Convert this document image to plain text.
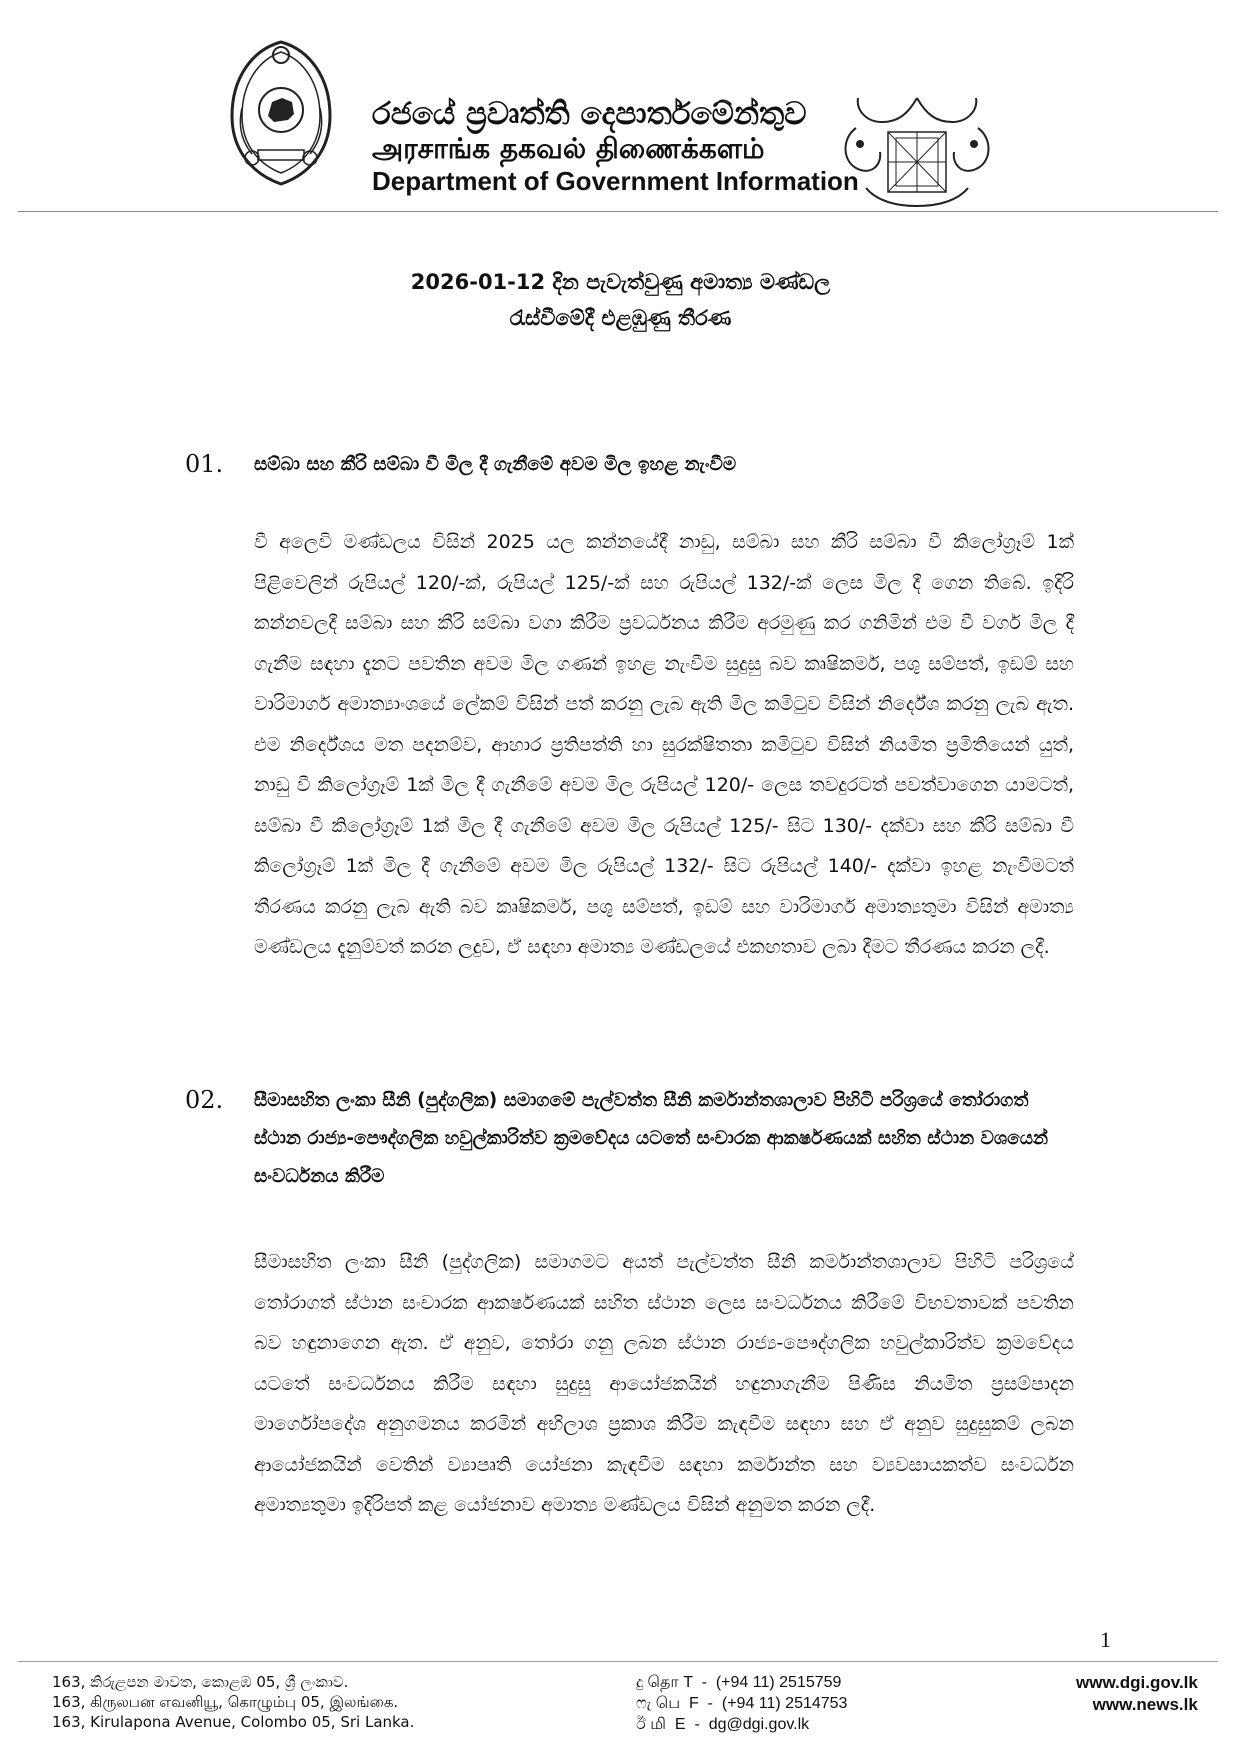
රජයේ ප්‍රවෘත්ති දෙපාර්තමේන්තුව
அரசாங்க தகவல் திணைக்களம்
Department of Government Information
2026-01-12 දින පැවැත්වුණු අමාත්‍ය මණ්ඩල
රැස්වීමේදී එළඹුණු තීරණ
01. සම්බා සහ කීරි සම්බා වී මිල දී ගැනීමේ අවම මිල ඉහළ නැංවීම
වී අලෙවි මණ්ඩලය විසින් 2025 යල කන්නයේදී නාඩු, සම්බා සහ කීරි සම්බා වී කිලෝග්‍රෑම් 1ක් පිළිවෙලින් රුපියල් 120/-ක්, රුපියල් 125/-ක් සහ රුපියල් 132/-ක් ලෙස මිල දී ගෙන තිබේ. ඉදිරි කන්නවලදී සම්බා සහ කීරි සම්බා වගා කිරීම ප්‍රවර්ධනය කිරීම අරමුණු කර ගනිමින් එම වී වර්ග මිල දී ගැනීම සඳහා දැනට පවතින අවම මිල ගණන් ඉහළ නැංවීම සුදුසු බව කෘෂිකර්ම, පශු සම්පත්, ඉඩම් සහ වාරිමාර්ග අමාත්‍යාංශයේ ලේකම් විසින් පත් කරනු ලැබ ඇති මිල කමිටුව විසින් නිර්දේශ කරනු ලැබ ඇත. එම නිර්දේශය මත පදනම්ව, ආහාර ප්‍රතිපත්ති හා සුරක්ෂිතතා කමිටුව විසින් නියමිත ප්‍රමිතියෙන් යුත්, නාඩු වී කිලෝග්‍රෑම් 1ක් මිල දී ගැනීමේ අවම මිල රුපියල් 120/- ලෙස තවදුරටත් පවත්වාගෙන යාමටත්, සම්බා වී කිලෝග්‍රෑම් 1ක් මිල දී ගැනීමේ අවම මිල රුපියල් 125/- සිට 130/- දක්වා සහ කීරි සම්බා වී කිලෝග්‍රෑම් 1ක් මිල දී ගැනීමේ අවම මිල රුපියල් 132/- සිට රුපියල් 140/- දක්වා ඉහළ නැංවීමටත් තීරණය කරනු ලැබ ඇති බව කෘෂිකර්ම, පශු සම්පත්, ඉඩම් සහ වාරිමාර්ග අමාත්‍යතුමා විසින් අමාත්‍ය මණ්ඩලය දැනුම්වත් කරන ලදුව, ඒ සඳහා අමාත්‍ය මණ්ඩලයේ එකඟතාව ලබා දීමට තීරණය කරන ලදී.
02. සීමාසහිත ලංකා සීනි (පුද්ගලික) සමාගමේ පැල්වත්ත සීනි කර්මාන්තශාලාව පිහිටි පරිශ්‍රයේ තෝරාගත් ස්ථාන රාජ්‍ය-පෞද්ගලික හවුල්කාරිත්ව ක්‍රමවේදය යටතේ සංචාරක ආකර්ෂණයක් සහිත ස්ථාන වශයෙන් සංවර්ධනය කිරීම
සීමාසහිත ලංකා සීනි (පුද්ගලික) සමාගමට අයත් පැල්වත්ත සීනි කර්මාන්තශාලාව පිහිටි පරිශ්‍රයේ තෝරාගත් ස්ථාන සංචාරක ආකර්ෂණයක් සහිත ස්ථාන ලෙස සංවර්ධනය කිරීමේ විභවතාවක් පවතින බව හඳුනාගෙන ඇත. ඒ අනුව, තෝරා ගනු ලබන ස්ථාන රාජ්‍ය-පෞද්ගලික හවුල්කාරිත්ව ක්‍රමවේදය යටතේ සංවර්ධනය කිරීම සඳහා සුදුසු ආයෝජකයින් හඳුනාගැනීම පිණිස නියමිත ප්‍රසම්පාදන මාර්ගෝපදේශ අනුගමනය කරමින් අභිලාශ ප්‍රකාශ කිරීම කැඳවීම සඳහා සහ ඒ අනුව සුදුසුකම් ලබන ආයෝජකයින් වෙතින් ව්‍යාපෘති යෝජනා කැඳවීම සඳහා කර්මාන්ත සහ ව්‍යවසායකත්ව සංවර්ධන අමාත්‍යතුමා ඉදිරිපත් කළ යෝජනාව අමාත්‍ය මණ්ඩලය විසින් අනුමත කරන ලදී.
1
163, කිරුළපන මාවත, කොළඹ 05, ශ්‍රී ලංකාව.
163, கிருலபன எவனியூ, கொழும்பு 05, இலங்கை.
163, Kirulapona Avenue, Colombo 05, Sri Lanka.
දු தொ T  -  (+94 11) 2515759
ෆැ பெ  F  -  (+94 11) 2514753
ඊ மி  E  -  dg@dgi.gov.lk
www.dgi.gov.lk
www.news.lk
